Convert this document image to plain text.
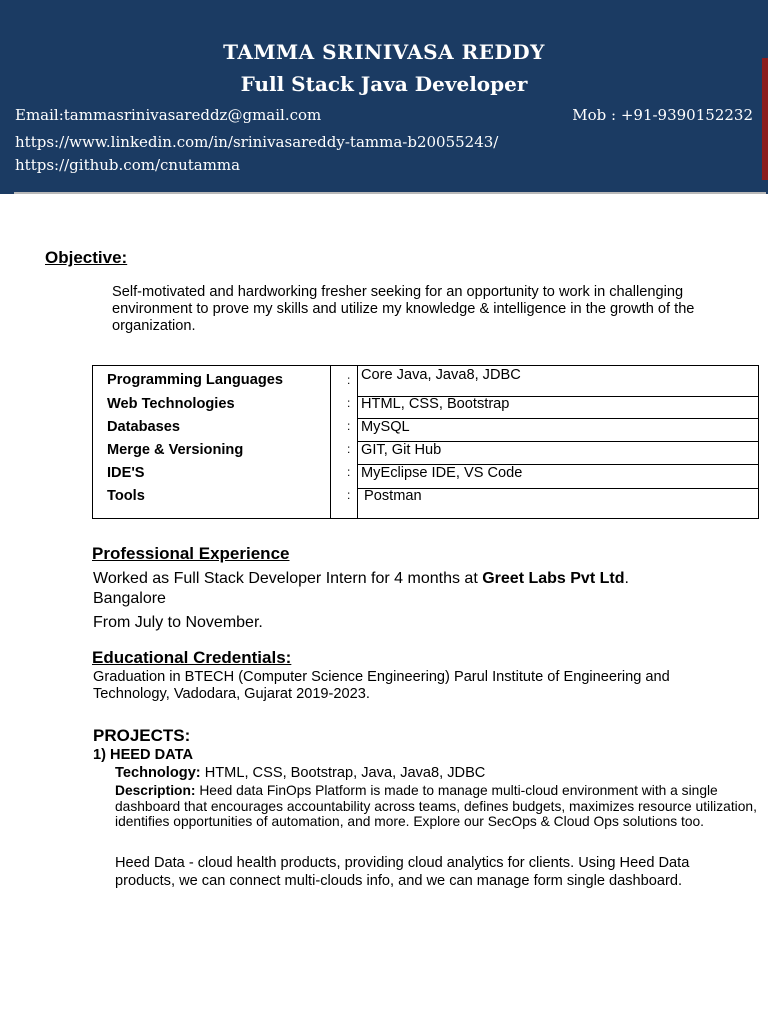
TAMMA SRINIVASA REDDY
Full Stack Java Developer
Email:tammasrinivasareddz@gmail.com	Mob : +91-9390152232
https://www.linkedin.com/in/srinivasareddy-tamma-b20055243/
https://github.com/cnutamma
Objective:
Self-motivated and hardworking fresher seeking for an opportunity to work in challenging environment to prove my skills and utilize my knowledge & intelligence in the growth of the organization.
Programming Languages	: Core Java, Java8, JDBC
Web Technologies	: HTML, CSS, Bootstrap
Databases	: MySQL
Merge & Versioning	: GIT, Git Hub
IDE'S	: MyEclipse IDE, VS Code
Tools	: Postman
Professional Experience
Worked as Full Stack Developer Intern for 4 months at Greet Labs Pvt Ltd.
Bangalore
From July to November.
Educational Credentials:
Graduation in BTECH (Computer Science Engineering) Parul Institute of Engineering and Technology, Vadodara, Gujarat 2019-2023.
PROJECTS:
1) HEED DATA
Technology: HTML, CSS, Bootstrap, Java, Java8, JDBC
Description: Heed data FinOps Platform is made to manage multi-cloud environment with a single dashboard that encourages accountability across teams, defines budgets, maximizes resource utilization, identifies opportunities of automation, and more. Explore our SecOps & Cloud Ops solutions too.
Heed Data - cloud health products, providing cloud analytics for clients. Using Heed Data products, we can connect multi-clouds info, and we can manage form single dashboard.
